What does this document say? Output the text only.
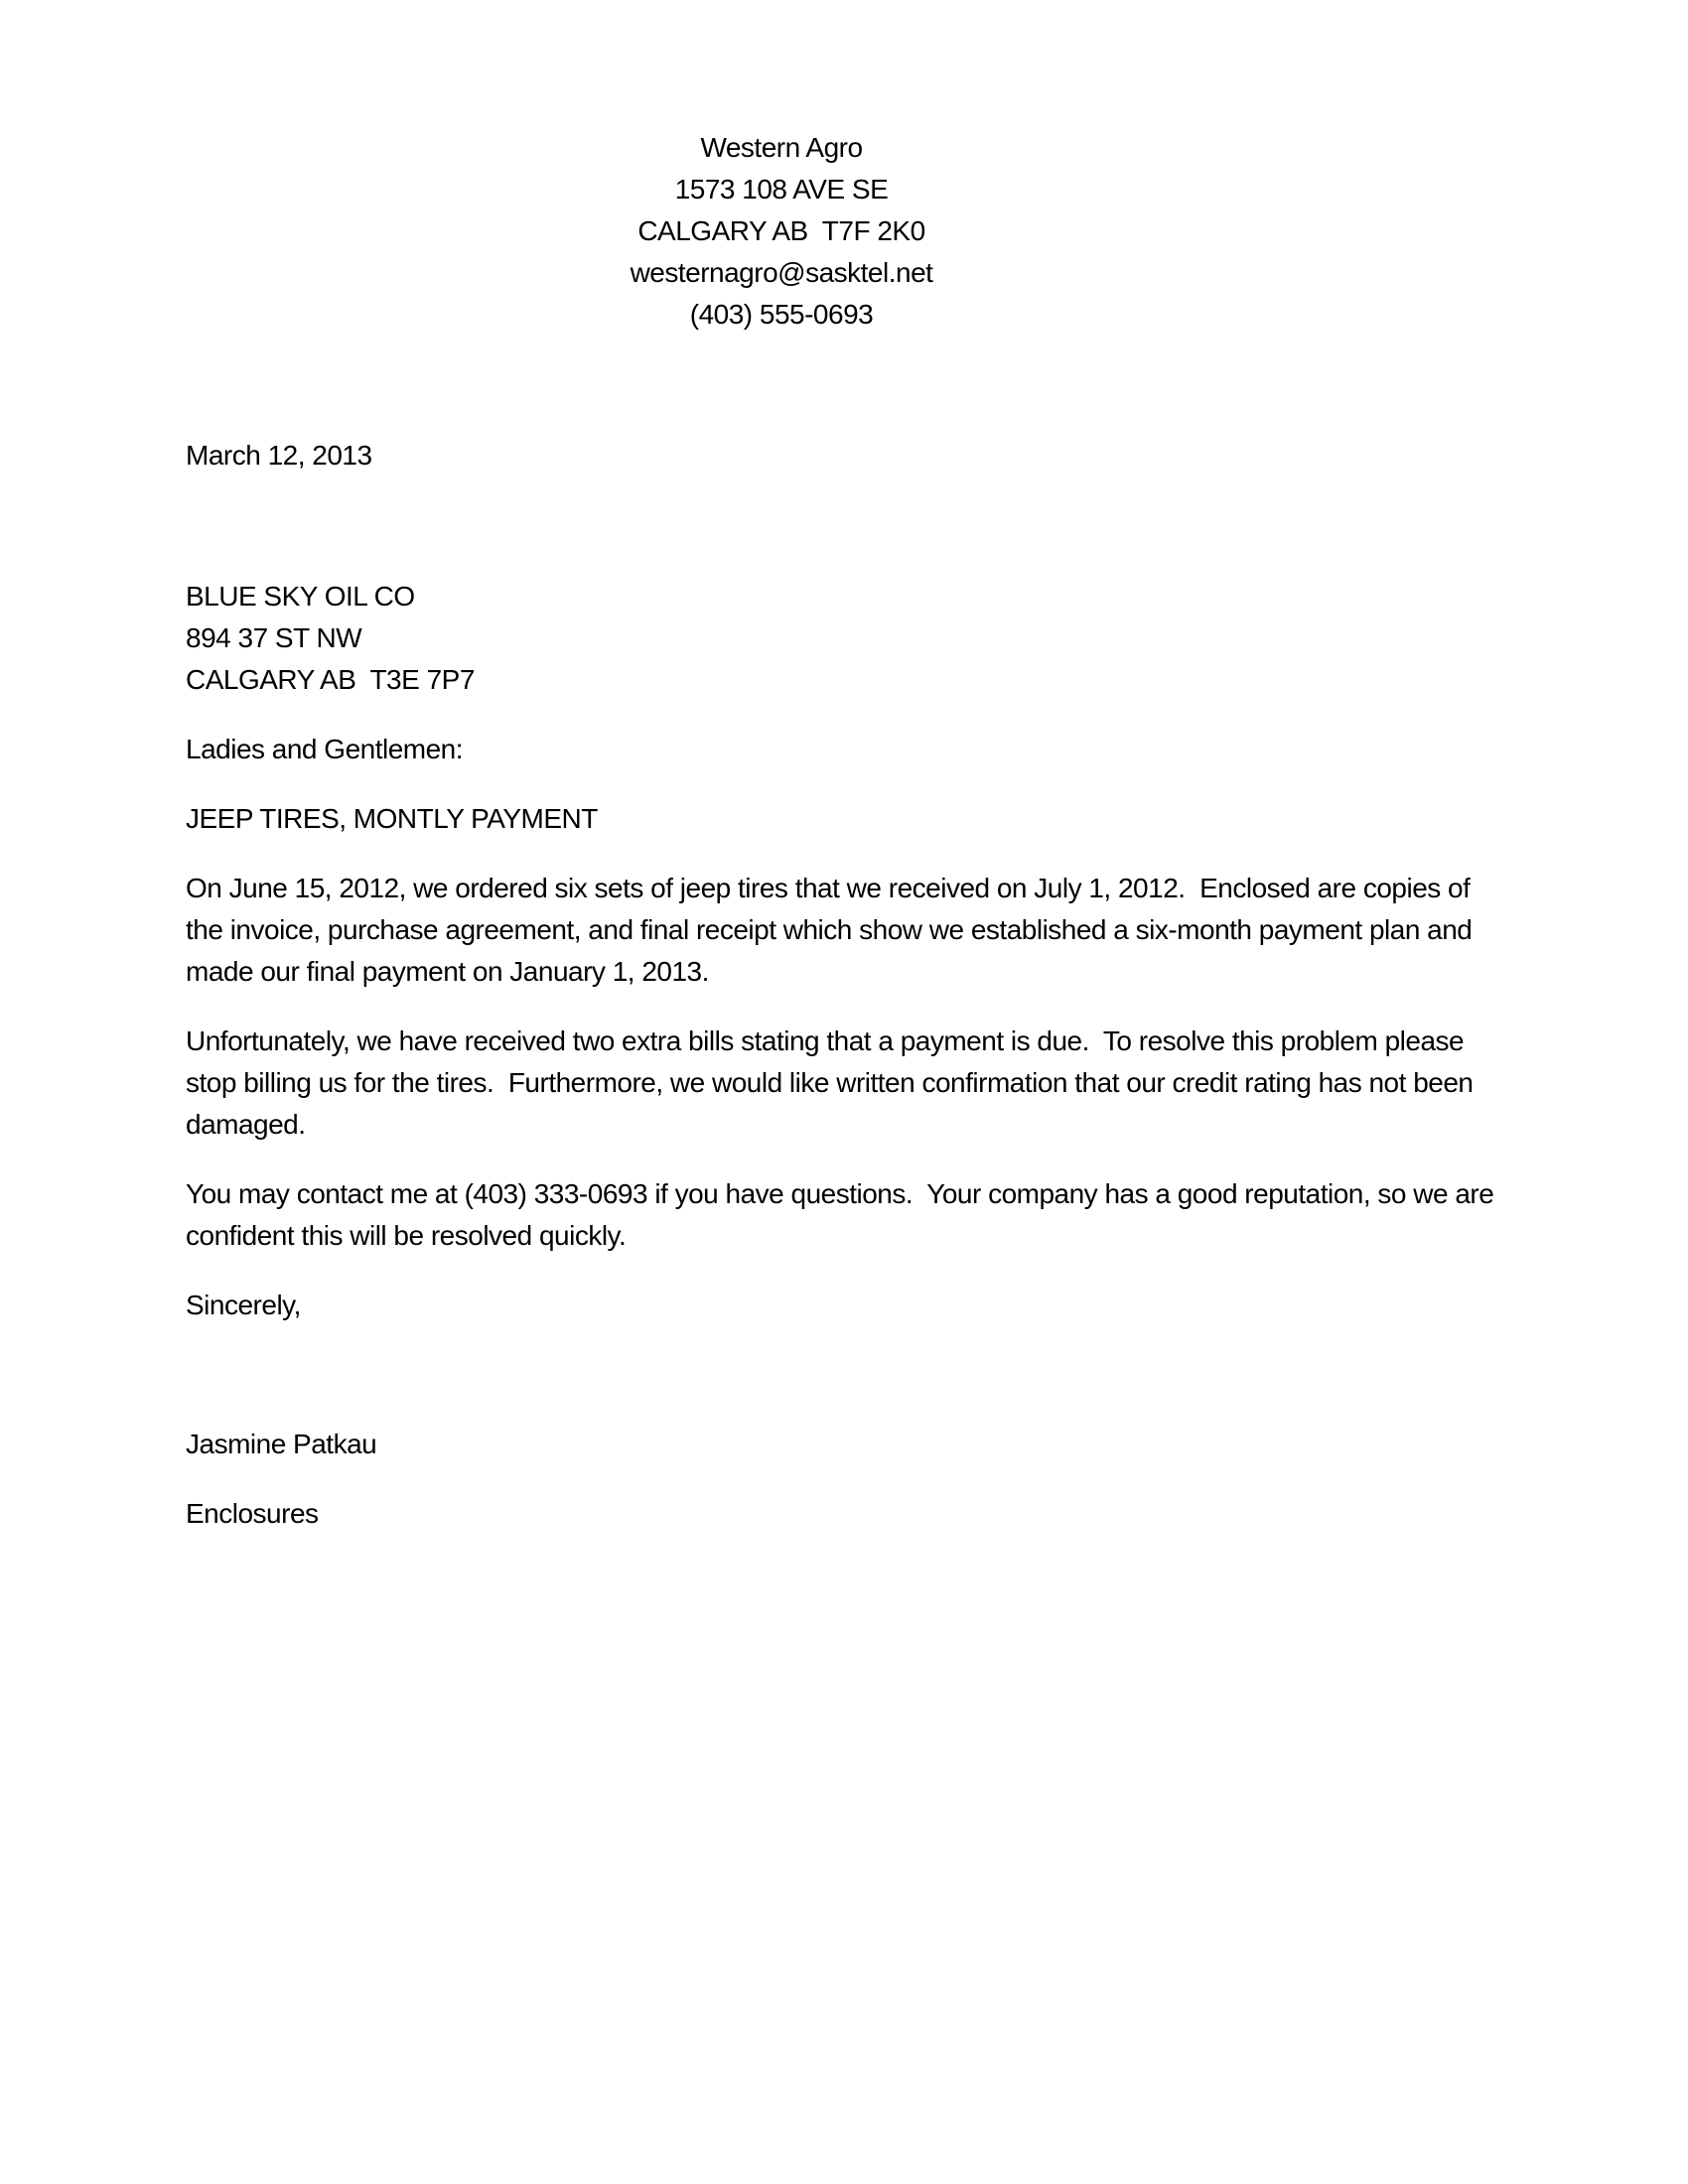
Western Agro
1573 108 AVE SE
CALGARY AB  T7F 2K0
westernagro@sasktel.net
(403) 555-0693

March 12, 2013

BLUE SKY OIL CO
894 37 ST NW
CALGARY AB  T3E 7P7

Ladies and Gentlemen:

JEEP TIRES, MONTLY PAYMENT

On June 15, 2012, we ordered six sets of jeep tires that we received on July 1, 2012.  Enclosed are copies of the invoice, purchase agreement, and final receipt which show we established a six-month payment plan and made our final payment on January 1, 2013.

Unfortunately, we have received two extra bills stating that a payment is due.  To resolve this problem please stop billing us for the tires.  Furthermore, we would like written confirmation that our credit rating has not been damaged.

You may contact me at (403) 333-0693 if you have questions.  Your company has a good reputation, so we are confident this will be resolved quickly.

Sincerely,

Jasmine Patkau

Enclosures
